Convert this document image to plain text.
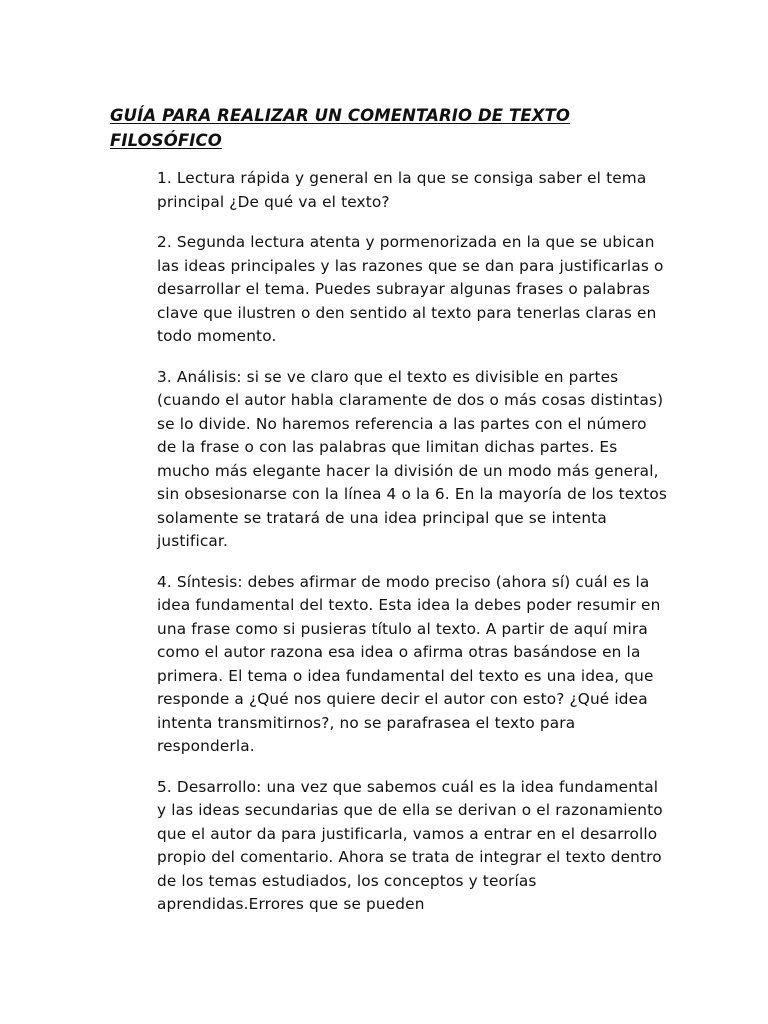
GUÍA PARA REALIZAR UN COMENTARIO DE TEXTO FILOSÓFICO

1. Lectura rápida y general en la que se consiga saber el tema principal ¿De qué va el texto?

2. Segunda lectura atenta y pormenorizada en la que se ubican las ideas principales y las razones que se dan para justificarlas o desarrollar el tema. Puedes subrayar algunas frases o palabras clave que ilustren o den sentido al texto para tenerlas claras en todo momento.

3. Análisis: si se ve claro que el texto es divisible en partes (cuando el autor habla claramente de dos o más cosas distintas) se lo divide. No haremos referencia a las partes con el número de la frase o con las palabras que limitan dichas partes. Es mucho más elegante hacer la división de un modo más general, sin obsesionarse con la línea 4 o la 6. En la mayoría de los textos solamente se tratará de una idea principal que se intenta justificar.

4. Síntesis: debes afirmar de modo preciso (ahora sí) cuál es la idea fundamental del texto. Esta idea la debes poder resumir en una frase como si pusieras título al texto. A partir de aquí mira como el autor razona esa idea o afirma otras basándose en la primera. El tema o idea fundamental del texto es una idea, que responde a ¿Qué nos quiere decir el autor con esto? ¿Qué idea intenta transmitirnos?, no se parafrasea el texto para responderla.

5. Desarrollo: una vez que sabemos cuál es la idea fundamental y las ideas secundarias que de ella se derivan o el razonamiento que el autor da para justificarla, vamos a entrar en el desarrollo propio del comentario. Ahora se trata de integrar el texto dentro de los temas estudiados, los conceptos y teorías aprendidas.Errores que se pueden
